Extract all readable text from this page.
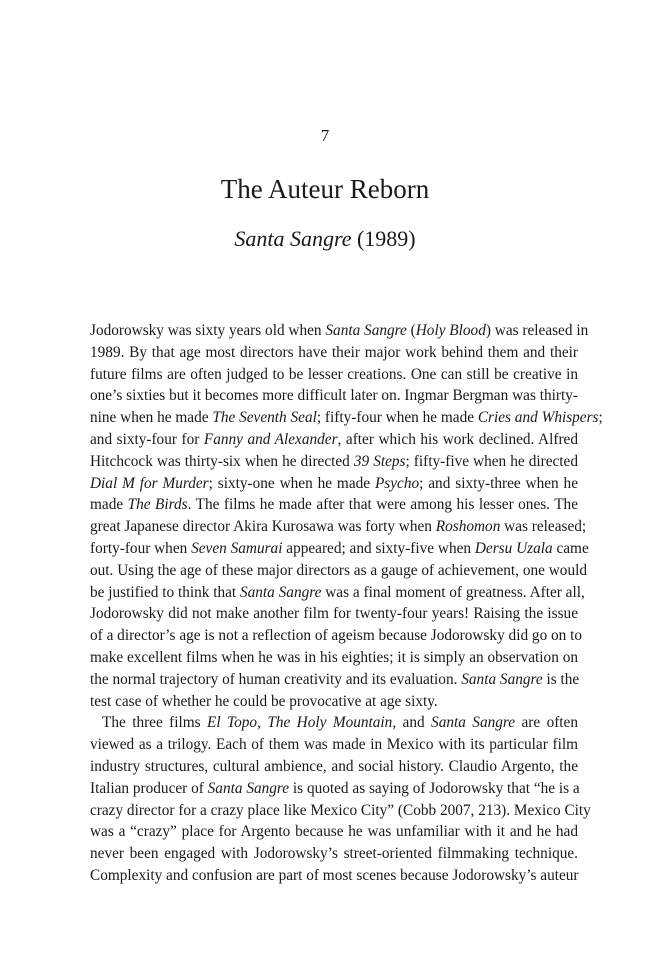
7
The Auteur Reborn
Santa Sangre (1989)
Jodorowsky was sixty years old when Santa Sangre (Holy Blood) was released in
1989. By that age most directors have their major work behind them and their
future films are often judged to be lesser creations. One can still be creative in
one’s sixties but it becomes more difficult later on. Ingmar Bergman was thirty-
nine when he made The Seventh Seal; fifty-four when he made Cries and Whispers;
and sixty-four for Fanny and Alexander, after which his work declined. Alfred
Hitchcock was thirty-six when he directed 39 Steps; fifty-five when he directed
Dial M for Murder; sixty-one when he made Psycho; and sixty-three when he
made The Birds. The films he made after that were among his lesser ones. The
great Japanese director Akira Kurosawa was forty when Roshomon was released;
forty-four when Seven Samurai appeared; and sixty-five when Dersu Uzala came
out. Using the age of these major directors as a gauge of achievement, one would
be justified to think that Santa Sangre was a final moment of greatness. After all,
Jodorowsky did not make another film for twenty-four years! Raising the issue
of a director’s age is not a reflection of ageism because Jodorowsky did go on to
make excellent films when he was in his eighties; it is simply an observation on
the normal trajectory of human creativity and its evaluation. Santa Sangre is the
test case of whether he could be provocative at age sixty.
The three films El Topo, The Holy Mountain, and Santa Sangre are often
viewed as a trilogy. Each of them was made in Mexico with its particular film
industry structures, cultural ambience, and social history. Claudio Argento, the
Italian producer of Santa Sangre is quoted as saying of Jodorowsky that “he is a
crazy director for a crazy place like Mexico City” (Cobb 2007, 213). Mexico City
was a “crazy” place for Argento because he was unfamiliar with it and he had
never been engaged with Jodorowsky’s street-oriented filmmaking technique.
Complexity and confusion are part of most scenes because Jodorowsky’s auteur
